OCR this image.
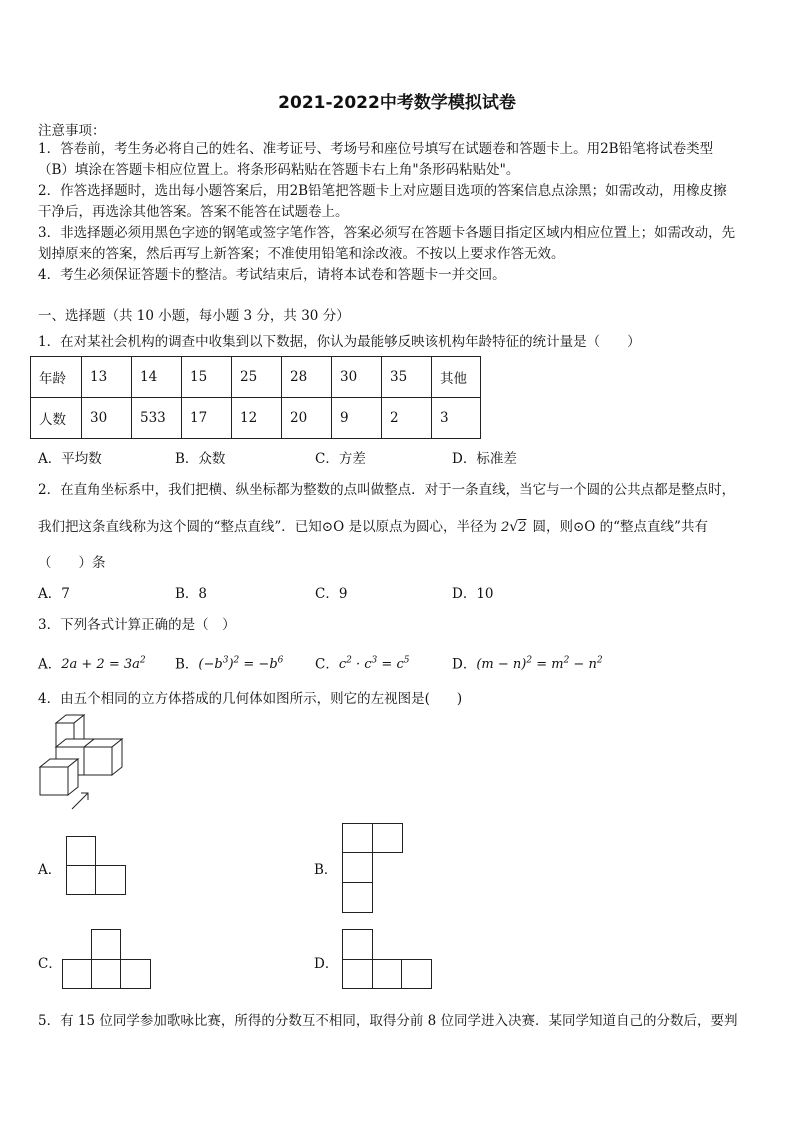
2021-2022中考数学模拟试卷
注意事项：
1．答卷前，考生务必将自己的姓名、准考证号、考场号和座位号填写在试题卷和答题卡上。用2B铅笔将试卷类型
（B）填涂在答题卡相应位置上。将条形码粘贴在答题卡右上角"条形码粘贴处"。
2．作答选择题时，选出每小题答案后，用2B铅笔把答题卡上对应题目选项的答案信息点涂黑；如需改动，用橡皮擦
干净后，再选涂其他答案。答案不能答在试题卷上。
3．非选择题必须用黑色字迹的钢笔或签字笔作答，答案必须写在答题卡各题目指定区域内相应位置上；如需改动，先
划掉原来的答案，然后再写上新答案；不准使用铅笔和涂改液。不按以上要求作答无效。
4．考生必须保证答题卡的整洁。考试结束后，请将本试卷和答题卡一并交回。
一、选择题（共 10 小题，每小题 3 分，共 30 分）
1．在对某社会机构的调查中收集到以下数据，你认为最能够反映该机构年龄特征的统计量是（　　）
年龄	13	14	15	25	28	30	35	其他
人数	30	533	17	12	20	9	2	3
A．平均数	B．众数	C．方差	D．标准差
2．在直角坐标系中，我们把横、纵坐标都为整数的点叫做整点．对于一条直线，当它与一个圆的公共点都是整点时，
我们把这条直线称为这个圆的“整点直线”．已知⊙O 是以原点为圆心，半径为 2√2 圆，则⊙O 的“整点直线”共有
（　　）条
A．7	B．8	C．9	D．10
3．下列各式计算正确的是（　）
A．$2a + 2 = 3a^2$ B．$(-b^3)^2 = -b^6$ C．$c^2 \cdot c^3 = c^5$	D．$(m - n)^2 = m^2 - n^2$
4．由五个相同的立方体搭成的几何体如图所示，则它的左视图是(　　)
A．	B．
C．	D．
5．有 15 位同学参加歌咏比赛，所得的分数互不相同，取得分前 8 位同学进入决赛．某同学知道自己的分数后，要判
